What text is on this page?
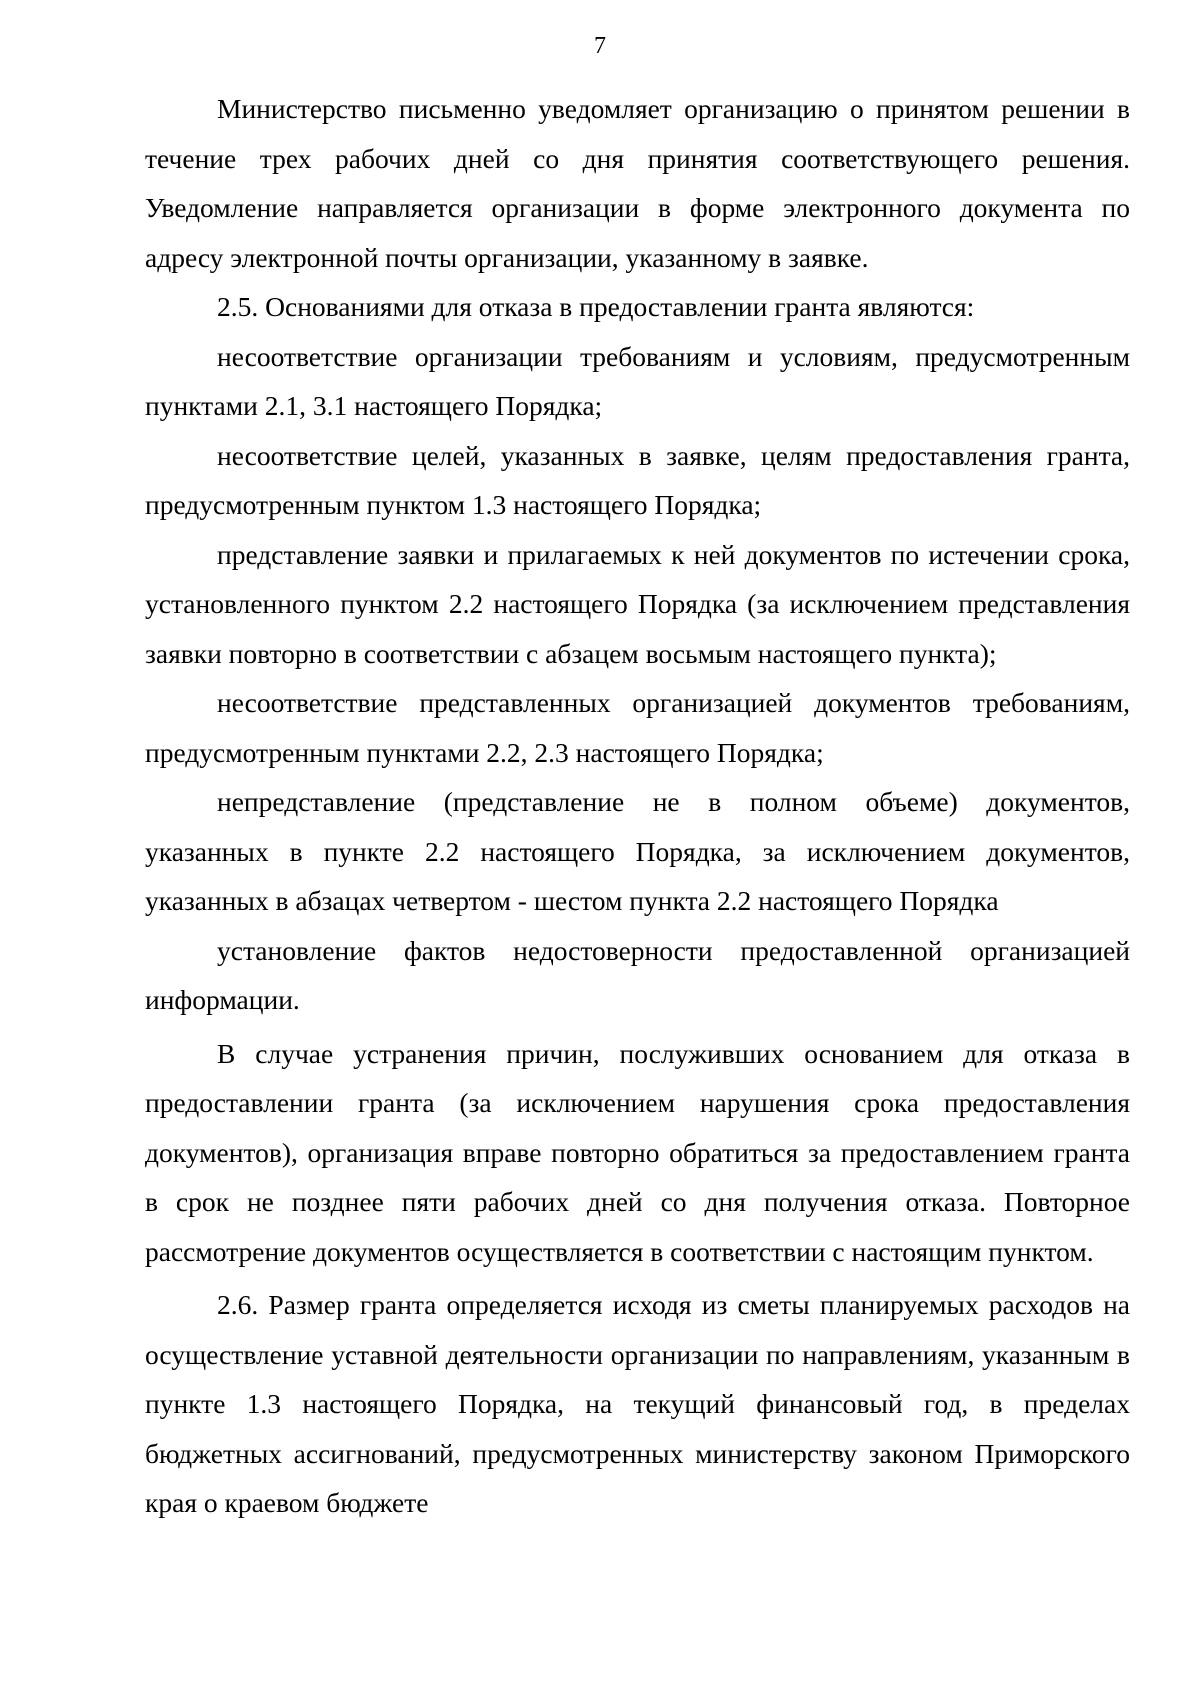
7

Министерство письменно уведомляет организацию о принятом решении в течение трех рабочих дней со дня принятия соответствующего решения. Уведомление направляется организации в форме электронного документа по адресу электронной почты организации, указанному в заявке.

2.5. Основаниями для отказа в предоставлении гранта являются:

несоответствие организации требованиям и условиям, предусмотренным пунктами 2.1, 3.1 настоящего Порядка;

несоответствие целей, указанных в заявке, целям предоставления гранта, предусмотренным пунктом 1.3 настоящего Порядка;

представление заявки и прилагаемых к ней документов по истечении срока, установленного пунктом 2.2 настоящего Порядка (за исключением представления заявки повторно в соответствии с абзацем восьмым настоящего пункта);

несоответствие представленных организацией документов требованиям, предусмотренным пунктами 2.2, 2.3 настоящего Порядка;

непредставление (представление не в полном объеме) документов, указанных в пункте 2.2 настоящего Порядка, за исключением документов, указанных в абзацах четвертом - шестом пункта 2.2 настоящего Порядка

установление фактов недостоверности предоставленной организацией информации.

В случае устранения причин, послуживших основанием для отказа в предоставлении гранта (за исключением нарушения срока предоставления документов), организация вправе повторно обратиться за предоставлением гранта в срок не позднее пяти рабочих дней со дня получения отказа. Повторное рассмотрение документов осуществляется в соответствии с настоящим пунктом.

2.6. Размер гранта определяется исходя из сметы планируемых расходов на осуществление уставной деятельности организации по направлениям, указанным в пункте 1.3 настоящего Порядка, на текущий финансовый год, в пределах бюджетных ассигнований, предусмотренных министерству законом Приморского края о краевом бюджете
